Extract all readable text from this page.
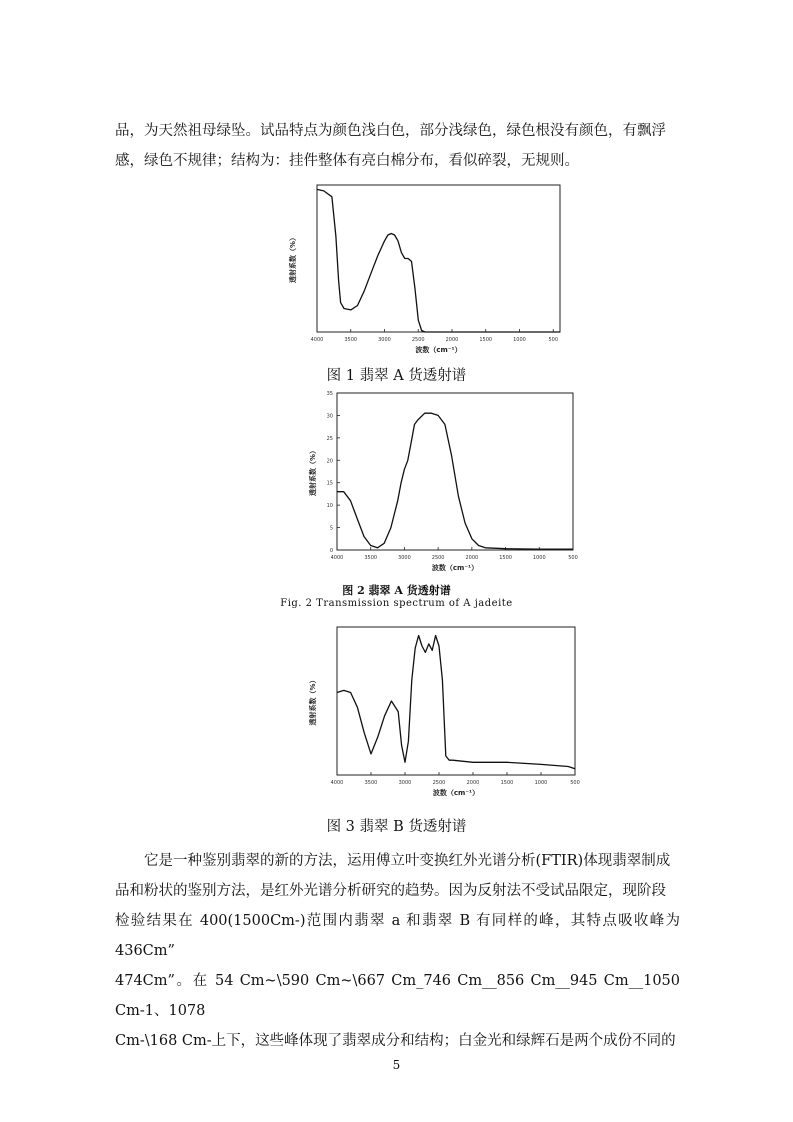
品，为天然祖母绿坠。试品特点为颜色浅白色，部分浅绿色，绿色根没有颜色，有飘浮
感，绿色不规律；结构为：挂件整体有亮白棉分布，看似碎裂，无规则。

4000	3500	3000	2500	2000	1500	1000	500
波数（cm⁻¹）
透射系数（%）

图 1 翡翠 A 货透射谱

4000	3500	3000	2500	2000	1500	1000	500
0
5
10
15
20
25
30
35
波数（cm⁻¹）
透射系数（%）

图 2 翡翠 A 货透射谱

Fig. 2 Transmission spectrum of A jadeite

4000	3500	3000	2500	2000	1500	1000	500
波数（cm⁻¹）
透射系数（%）

图 3 翡翠 B 货透射谱

它是一种鉴别翡翠的新的方法，运用傅立叶变换红外光谱分析(FTIR)体现翡翠制成
品和粉状的鉴别方法，是红外光谱分析研究的趋势。因为反射法不受试品限定，现阶段
检验结果在 400(1500Cm-)范围内翡翠 a 和翡翠 B 有同样的峰，其特点吸收峰为 436Cm”
474Cm”。在 54 Cm~\590 Cm~\667 Cm_746 Cm__856 Cm__945 Cm__1050 Cm-1、1078
Cm-\168 Cm-上下，这些峰体现了翡翠成分和结构；白金光和绿辉石是两个成份不同的

5
